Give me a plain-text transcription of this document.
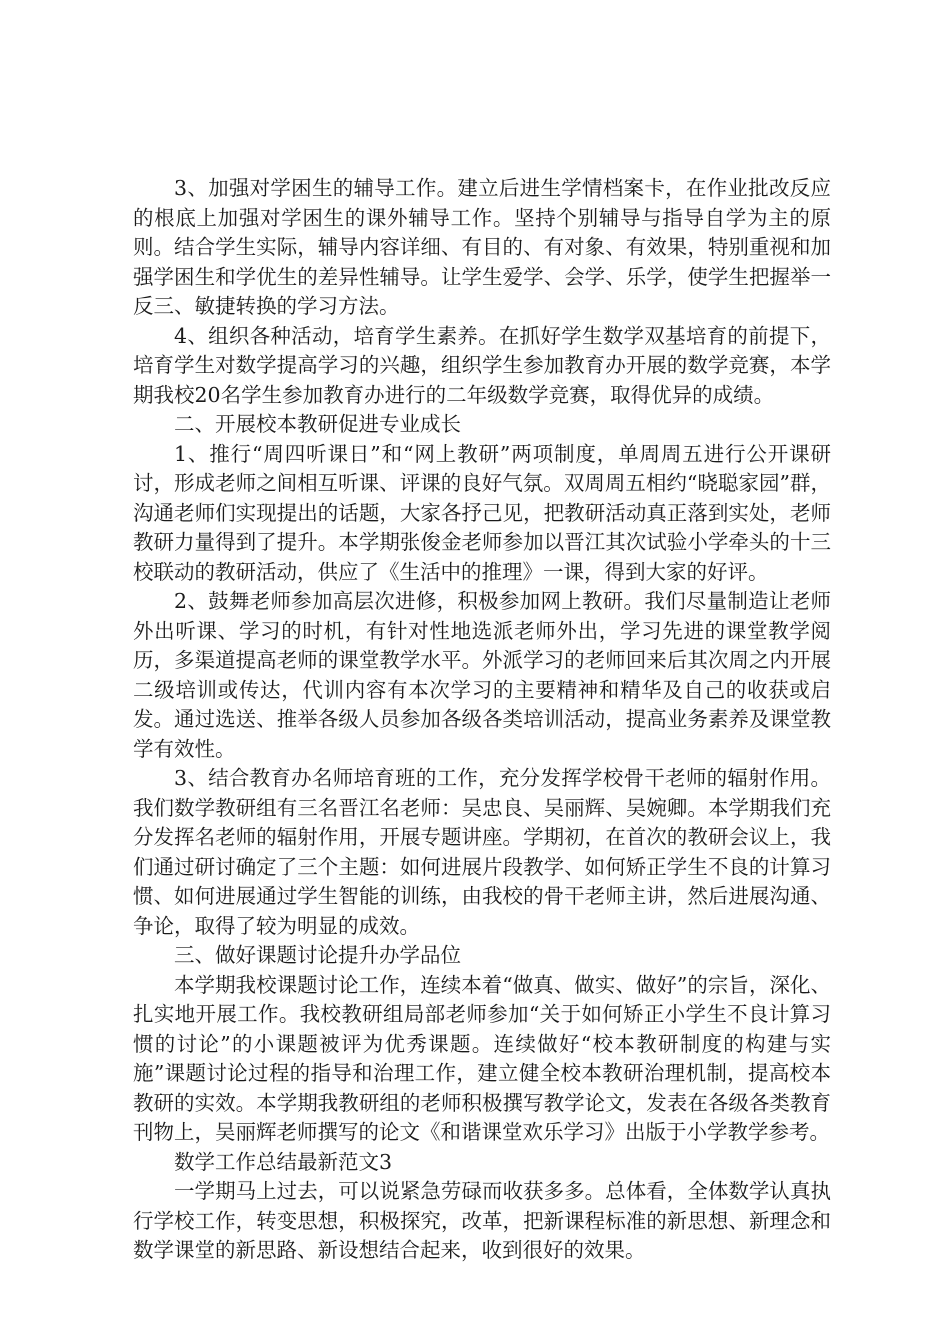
3、加强对学困生的辅导工作。建立后进生学情档案卡，在作业批改反应的根底上加强对学困生的课外辅导工作。坚持个别辅导与指导自学为主的原则。结合学生实际，辅导内容详细、有目的、有对象、有效果，特别重视和加强学困生和学优生的差异性辅导。让学生爱学、会学、乐学，使学生把握举一反三、敏捷转换的学习方法。

4、组织各种活动，培育学生素养。在抓好学生数学双基培育的前提下，培育学生对数学提高学习的兴趣，组织学生参加教育办开展的数学竞赛，本学期我校20名学生参加教育办进行的二年级数学竞赛，取得优异的成绩。

二、开展校本教研促进专业成长

1、推行“周四听课日”和“网上教研”两项制度，单周周五进行公开课研讨，形成老师之间相互听课、评课的良好气氛。双周周五相约“晓聪家园”群，沟通老师们实现提出的话题，大家各抒己见，把教研活动真正落到实处，老师教研力量得到了提升。本学期张俊金老师参加以晋江其次试验小学牵头的十三校联动的教研活动，供应了《生活中的推理》一课，得到大家的好评。

2、鼓舞老师参加高层次进修，积极参加网上教研。我们尽量制造让老师外出听课、学习的时机，有针对性地选派老师外出，学习先进的课堂教学阅历，多渠道提高老师的课堂教学水平。外派学习的老师回来后其次周之内开展二级培训或传达，代训内容有本次学习的主要精神和精华及自己的收获或启发。通过选送、推举各级人员参加各级各类培训活动，提高业务素养及课堂教学有效性。

3、结合教育办名师培育班的工作，充分发挥学校骨干老师的辐射作用。我们数学教研组有三名晋江名老师：吴忠良、吴丽辉、吴婉卿。本学期我们充分发挥名老师的辐射作用，开展专题讲座。学期初，在首次的教研会议上，我们通过研讨确定了三个主题：如何进展片段教学、如何矫正学生不良的计算习惯、如何进展通过学生智能的训练，由我校的骨干老师主讲，然后进展沟通、争论，取得了较为明显的成效。

三、做好课题讨论提升办学品位

本学期我校课题讨论工作，连续本着“做真、做实、做好”的宗旨，深化、扎实地开展工作。我校教研组局部老师参加“关于如何矫正小学生不良计算习惯的讨论”的小课题被评为优秀课题。连续做好“校本教研制度的构建与实施”课题讨论过程的指导和治理工作，建立健全校本教研治理机制，提高校本教研的实效。本学期我教研组的老师积极撰写教学论文，发表在各级各类教育刊物上，吴丽辉老师撰写的论文《和谐课堂欢乐学习》出版于小学教学参考。

数学工作总结最新范文3

一学期马上过去，可以说紧急劳碌而收获多多。总体看，全体数学认真执行学校工作，转变思想，积极探究，改革，把新课程标准的新思想、新理念和数学课堂的新思路、新设想结合起来，收到很好的效果。
